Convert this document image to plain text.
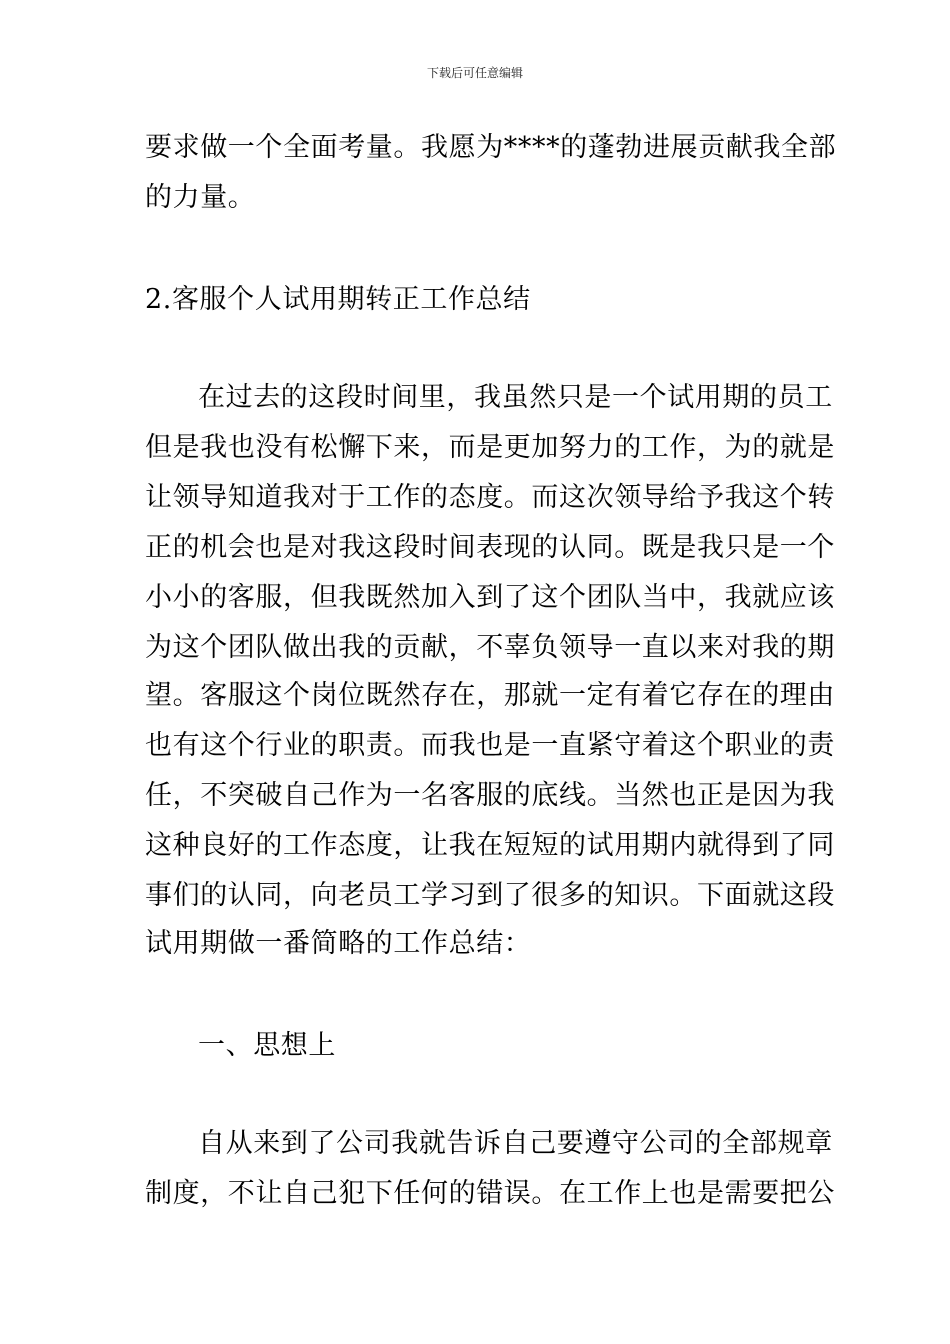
下载后可任意编辑
要求做一个全面考量。我愿为****的蓬勃进展贡献我全部
的力量。
2.客服个人试用期转正工作总结
在过去的这段时间里，我虽然只是一个试用期的员工
但是我也没有松懈下来，而是更加努力的工作，为的就是
让领导知道我对于工作的态度。而这次领导给予我这个转
正的机会也是对我这段时间表现的认同。既是我只是一个
小小的客服，但我既然加入到了这个团队当中，我就应该
为这个团队做出我的贡献，不辜负领导一直以来对我的期
望。客服这个岗位既然存在，那就一定有着它存在的理由
也有这个行业的职责。而我也是一直紧守着这个职业的责
任，不突破自己作为一名客服的底线。当然也正是因为我
这种良好的工作态度，让我在短短的试用期内就得到了同
事们的认同，向老员工学习到了很多的知识。下面就这段
试用期做一番简略的工作总结：
一、思想上
自从来到了公司我就告诉自己要遵守公司的全部规章
制度，不让自己犯下任何的错误。在工作上也是需要把公
